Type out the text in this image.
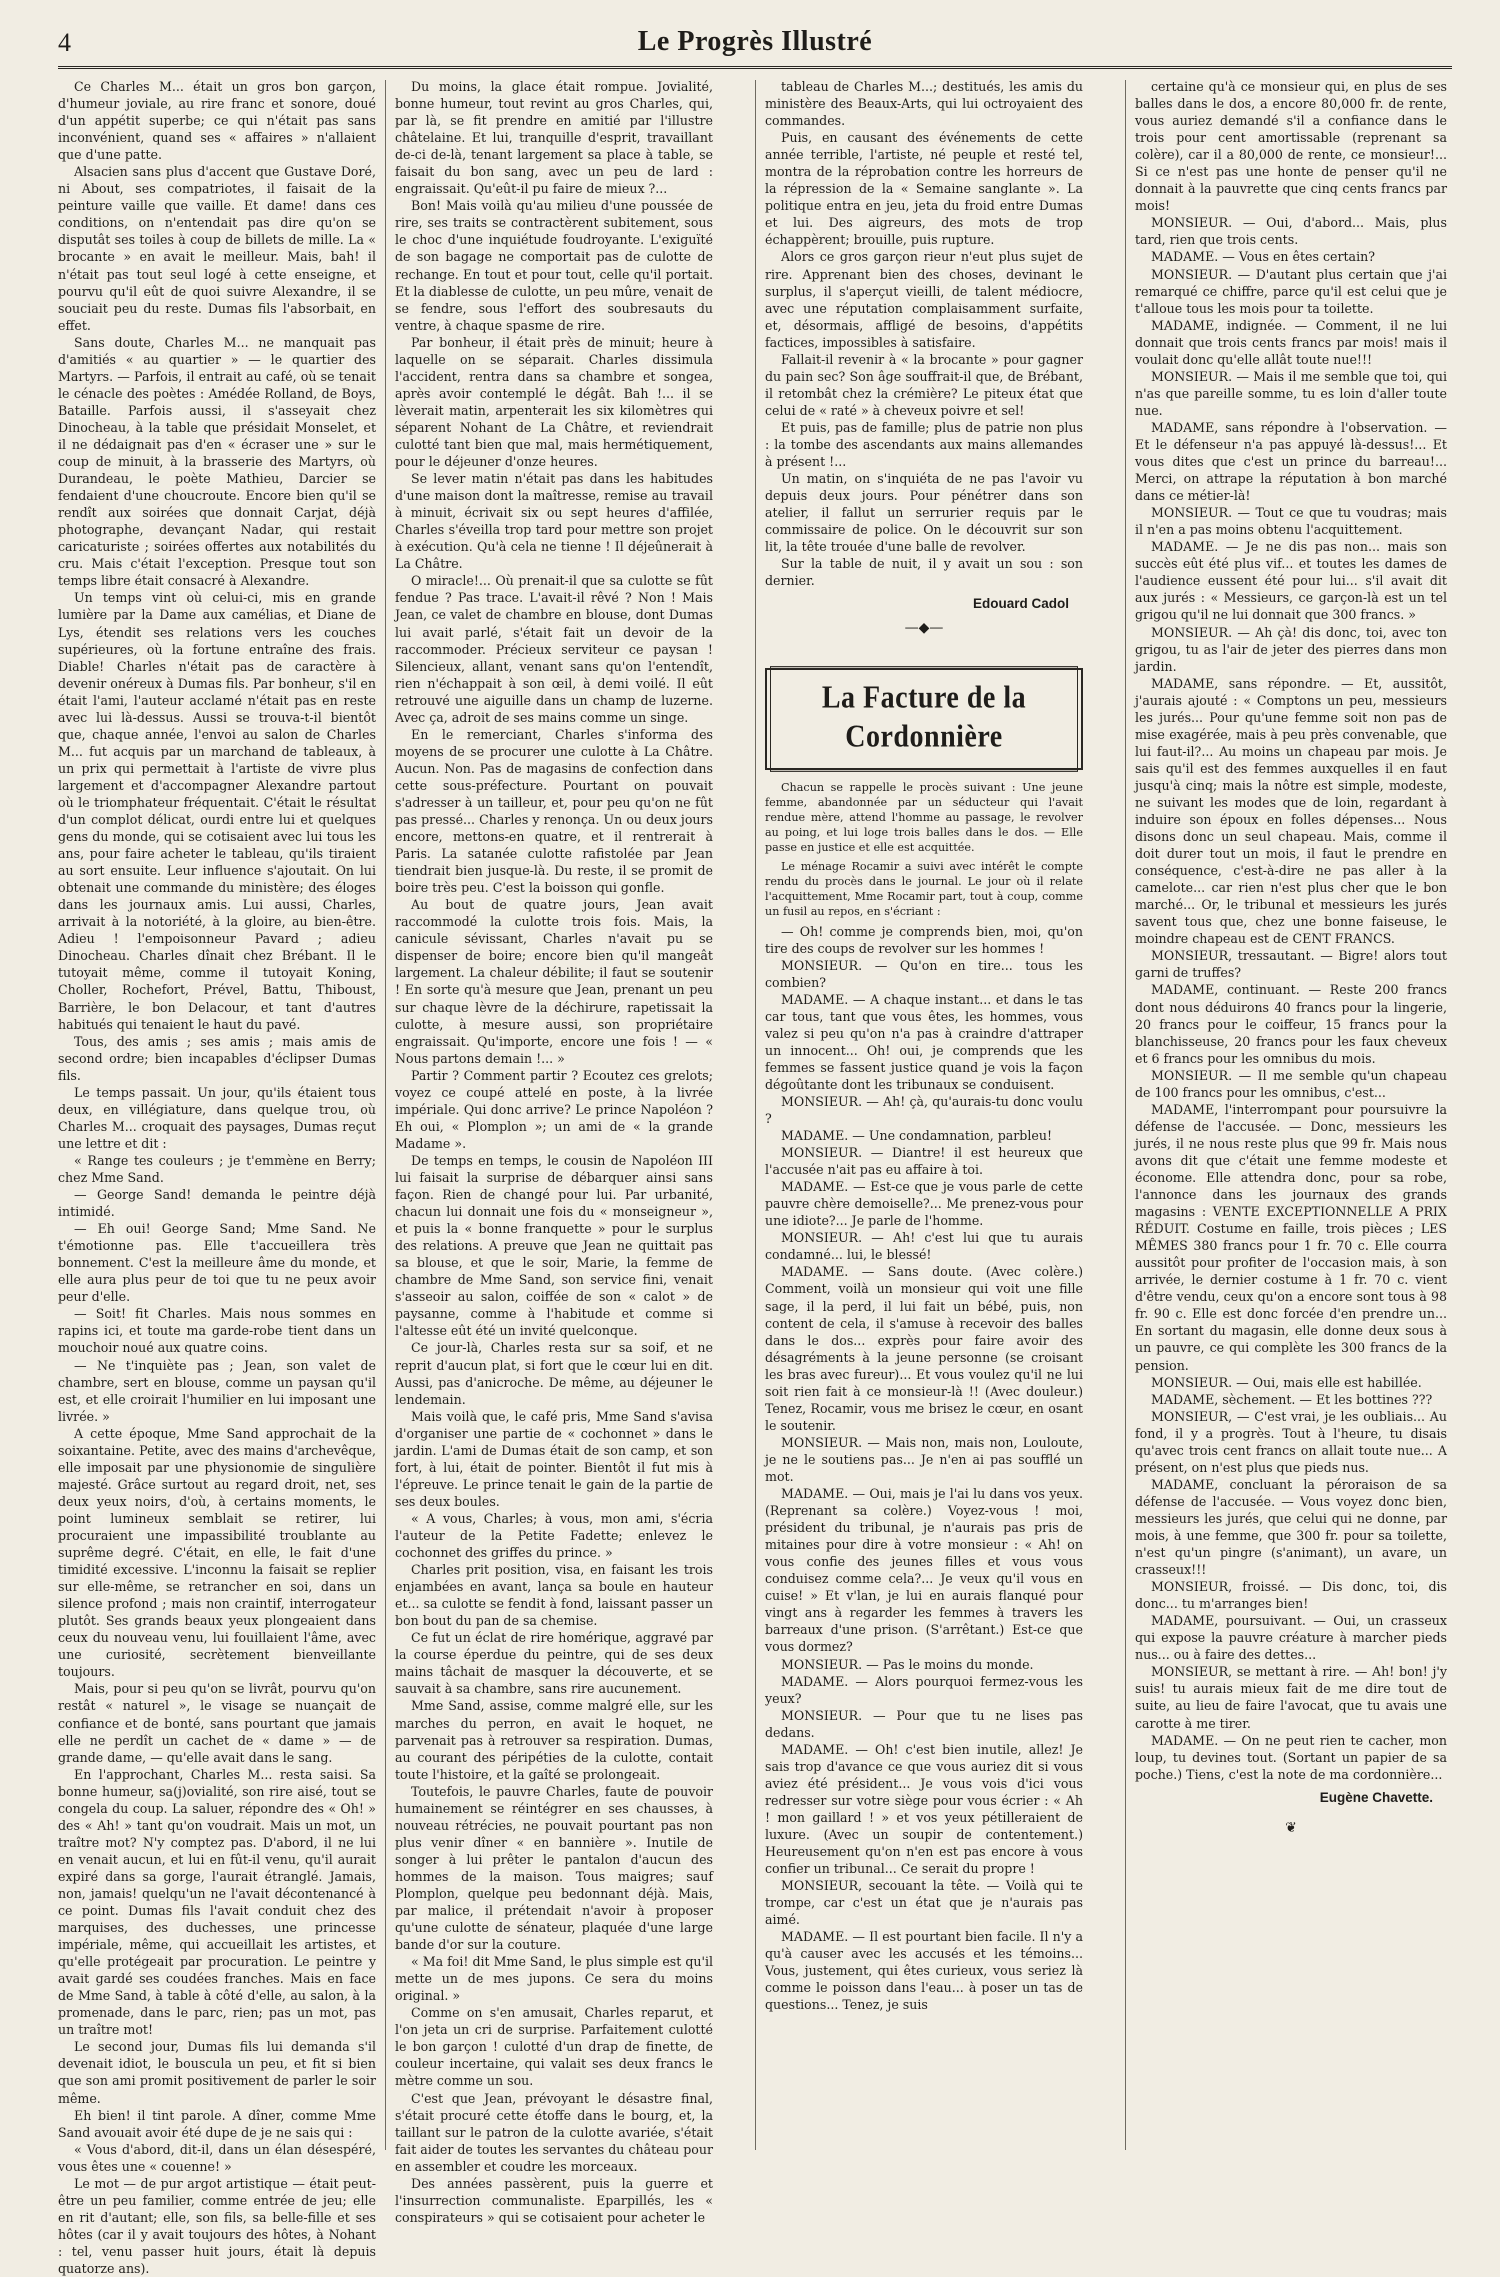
4	Le Progrès Illustré

Ce Charles M... était un gros bon garçon, d'humeur joviale, au rire franc et sonore, doué d'un appétit superbe; ce qui n'était pas sans inconvénient, quand ses « affaires » n'allaient que d'une patte.

Alsacien sans plus d'accent que Gustave Doré, ni About, ses compatriotes, il faisait de la peinture vaille que vaille. Et dame! dans ces conditions, on n'entendait pas dire qu'on se disputât ses toiles à coup de billets de mille. La « brocante » en avait le meilleur. Mais, bah! il n'était pas tout seul logé à cette enseigne, et pourvu qu'il eût de quoi suivre Alexandre, il se souciait peu du reste. Dumas fils l'absorbait, en effet.

Sans doute, Charles M... ne manquait pas d'amitiés « au quartier » — le quartier des Martyrs. — Parfois, il entrait au café, où se tenait le cénacle des poètes : Amédée Rolland, de Boys, Bataille. Parfois aussi, il s'asseyait chez Dinocheau, à la table que présidait Monselet, et il ne dédaignait pas d'en « écraser une » sur le coup de minuit, à la brasserie des Martyrs, où Durandeau, le poète Mathieu, Darcier se fendaient d'une choucroute. Encore bien qu'il se rendît aux soirées que donnait Carjat, déjà photographe, devançant Nadar, qui restait caricaturiste ; soirées offertes aux notabilités du cru. Mais c'était l'exception. Presque tout son temps libre était consacré à Alexandre.

Un temps vint où celui-ci, mis en grande lumière par la Dame aux camélias, et Diane de Lys, étendit ses relations vers les couches supérieures, où la fortune entraîne des frais. Diable! Charles n'était pas de caractère à devenir onéreux à Dumas fils. Par bonheur, s'il en était l'ami, l'auteur acclamé n'était pas en reste avec lui là-dessus. Aussi se trouva-t-il bientôt que, chaque année, l'envoi au salon de Charles M... fut acquis par un marchand de tableaux, à un prix qui permettait à l'artiste de vivre plus largement et d'accompagner Alexandre partout où le triomphateur fréquentait. C'était le résultat d'un complot délicat, ourdi entre lui et quelques gens du monde, qui se cotisaient avec lui tous les ans, pour faire acheter le tableau, qu'ils tiraient au sort ensuite. Leur influence s'ajoutait. On lui obtenait une commande du ministère; des éloges dans les journaux amis. Lui aussi, Charles, arrivait à la notoriété, à la gloire, au bien-être. Adieu ! l'empoisonneur Pavard ; adieu Dinocheau. Charles dînait chez Brébant. Il le tutoyait même, comme il tutoyait Koning, Choller, Rochefort, Prével, Battu, Thiboust, Barrière, le bon Delacour, et tant d'autres habitués qui tenaient le haut du pavé.

Tous, des amis ; ses amis ; mais amis de second ordre; bien incapables d'éclipser Dumas fils.

Le temps passait. Un jour, qu'ils étaient tous deux, en villégiature, dans quelque trou, où Charles M... croquait des paysages, Dumas reçut une lettre et dit :

« Range tes couleurs ; je t'emmène en Berry; chez Mme Sand.

— George Sand! demanda le peintre déjà intimidé.

— Eh oui! George Sand; Mme Sand. Ne t'émotionne pas. Elle t'accueillera très bonnement. C'est la meilleure âme du monde, et elle aura plus peur de toi que tu ne peux avoir peur d'elle.

— Soit! fit Charles. Mais nous sommes en rapins ici, et toute ma garde-robe tient dans un mouchoir noué aux quatre coins.

— Ne t'inquiète pas ; Jean, son valet de chambre, sert en blouse, comme un paysan qu'il est, et elle croirait l'humilier en lui imposant une livrée. »

A cette époque, Mme Sand approchait de la soixantaine. Petite, avec des mains d'archevêque, elle imposait par une physionomie de singulière majesté. Grâce surtout au regard droit, net, ses deux yeux noirs, d'où, à certains moments, le point lumineux semblait se retirer, lui procuraient une impassibilité troublante au suprême degré. C'était, en elle, le fait d'une timidité excessive. L'inconnu la faisait se replier sur elle-même, se retrancher en soi, dans un silence profond ; mais non craintif, interrogateur plutôt. Ses grands beaux yeux plongeaient dans ceux du nouveau venu, lui fouillaient l'âme, avec une curiosité, secrètement bienveillante toujours.

Mais, pour si peu qu'on se livrât, pourvu qu'on restât « naturel », le visage se nuançait de confiance et de bonté, sans pourtant que jamais elle ne perdît un cachet de « dame » — de grande dame, — qu'elle avait dans le sang.

En l'approchant, Charles M... resta saisi. Sa bonne humeur, sa(j)ovialité, son rire aisé, tout se congela du coup. La saluer, répondre des « Oh! » des « Ah! » tant qu'on voudrait. Mais un mot, un traître mot? N'y comptez pas. D'abord, il ne lui en venait aucun, et lui en fût-il venu, qu'il aurait expiré dans sa gorge, l'aurait étranglé. Jamais, non, jamais! quelqu'un ne l'avait décontenancé à ce point. Dumas fils l'avait conduit chez des marquises, des duchesses, une princesse impériale, même, qui accueillait les artistes, et qu'elle protégeait par procuration. Le peintre y avait gardé ses coudées franches. Mais en face de Mme Sand, à table à côté d'elle, au salon, à la promenade, dans le parc, rien; pas un mot, pas un traître mot!

Le second jour, Dumas fils lui demanda s'il devenait idiot, le bouscula un peu, et fit si bien que son ami promit positivement de parler le soir même.

Eh bien! il tint parole. A dîner, comme Mme Sand avouait avoir été dupe de je ne sais qui :

« Vous d'abord, dit-il, dans un élan désespéré, vous êtes une « couenne! »

Le mot — de pur argot artistique — était peut-être un peu familier, comme entrée de jeu; elle en rit d'autant; elle, son fils, sa belle-fille et ses hôtes (car il y avait toujours des hôtes, à Nohant : tel, venu passer huit jours, était là depuis quatorze ans).

Du moins, la glace était rompue. Jovialité, bonne humeur, tout revint au gros Charles, qui, par là, se fit prendre en amitié par l'illustre châtelaine. Et lui, tranquille d'esprit, travaillant de-ci de-là, tenant largement sa place à table, se faisait du bon sang, avec un peu de lard : engraissait. Qu'eût-il pu faire de mieux ?...

Bon! Mais voilà qu'au milieu d'une poussée de rire, ses traits se contractèrent subitement, sous le choc d'une inquiétude foudroyante. L'exiguïté de son bagage ne comportait pas de culotte de rechange. En tout et pour tout, celle qu'il portait. Et la diablesse de culotte, un peu mûre, venait de se fendre, sous l'effort des soubresauts du ventre, à chaque spasme de rire.

Par bonheur, il était près de minuit; heure à laquelle on se séparait. Charles dissimula l'accident, rentra dans sa chambre et songea, après avoir contemplé le dégât. Bah !... il se lèverait matin, arpenterait les six kilomètres qui séparent Nohant de La Châtre, et reviendrait culotté tant bien que mal, mais hermétiquement, pour le déjeuner d'onze heures.

Se lever matin n'était pas dans les habitudes d'une maison dont la maîtresse, remise au travail à minuit, écrivait six ou sept heures d'affilée, Charles s'éveilla trop tard pour mettre son projet à exécution. Qu'à cela ne tienne ! Il déjeûnerait à La Châtre.

O miracle!... Où prenait-il que sa culotte se fût fendue ? Pas trace. L'avait-il rêvé ? Non ! Mais Jean, ce valet de chambre en blouse, dont Dumas lui avait parlé, s'était fait un devoir de la raccommoder. Précieux serviteur ce paysan ! Silencieux, allant, venant sans qu'on l'entendît, rien n'échappait à son œil, à demi voilé. Il eût retrouvé une aiguille dans un champ de luzerne. Avec ça, adroit de ses mains comme un singe.

En le remerciant, Charles s'informa des moyens de se procurer une culotte à La Châtre. Aucun. Non. Pas de magasins de confection dans cette sous-préfecture. Pourtant on pouvait s'adresser à un tailleur, et, pour peu qu'on ne fût pas pressé... Charles y renonça. Un ou deux jours encore, mettons-en quatre, et il rentrerait à Paris. La satanée culotte rafistolée par Jean tiendrait bien jusque-là. Du reste, il se promit de boire très peu. C'est la boisson qui gonfle.

Au bout de quatre jours, Jean avait raccommodé la culotte trois fois. Mais, la canicule sévissant, Charles n'avait pu se dispenser de boire; encore bien qu'il mangeât largement. La chaleur débilite; il faut se soutenir ! En sorte qu'à mesure que Jean, prenant un peu sur chaque lèvre de la déchirure, rapetissait la culotte, à mesure aussi, son propriétaire engraissait. Qu'importe, encore une fois ! — « Nous partons demain !... »

Partir ? Comment partir ? Ecoutez ces grelots; voyez ce coupé attelé en poste, à la livrée impériale. Qui donc arrive? Le prince Napoléon ? Eh oui, « Plomplon »; un ami de « la grande Madame ».

De temps en temps, le cousin de Napoléon III lui faisait la surprise de débarquer ainsi sans façon. Rien de changé pour lui. Par urbanité, chacun lui donnait une fois du « monseigneur », et puis la « bonne franquette » pour le surplus des relations. A preuve que Jean ne quittait pas sa blouse, et que le soir, Marie, la femme de chambre de Mme Sand, son service fini, venait s'asseoir au salon, coiffée de son « calot » de paysanne, comme à l'habitude et comme si l'altesse eût été un invité quelconque.

Ce jour-là, Charles resta sur sa soif, et ne reprit d'aucun plat, si fort que le cœur lui en dit. Aussi, pas d'anicroche. De même, au déjeuner le lendemain.

Mais voilà que, le café pris, Mme Sand s'avisa d'organiser une partie de « cochonnet » dans le jardin. L'ami de Dumas était de son camp, et son fort, à lui, était de pointer. Bientôt il fut mis à l'épreuve. Le prince tenait le gain de la partie de ses deux boules.

« A vous, Charles; à vous, mon ami, s'écria l'auteur de la Petite Fadette; enlevez le cochonnet des griffes du prince. »

Charles prit position, visa, en faisant les trois enjambées en avant, lança sa boule en hauteur et... sa culotte se fendit à fond, laissant passer un bon bout du pan de sa chemise.

Ce fut un éclat de rire homérique, aggravé par la course éperdue du peintre, qui de ses deux mains tâchait de masquer la découverte, et se sauvait à sa chambre, sans rire aucunement.

Mme Sand, assise, comme malgré elle, sur les marches du perron, en avait le hoquet, ne parvenait pas à retrouver sa respiration. Dumas, au courant des péripéties de la culotte, contait toute l'histoire, et la gaîté se prolongeait.

Toutefois, le pauvre Charles, faute de pouvoir humainement se réintégrer en ses chausses, à nouveau rétrécies, ne pouvait pourtant pas non plus venir dîner « en bannière ». Inutile de songer à lui prêter le pantalon d'aucun des hommes de la maison. Tous maigres; sauf Plomplon, quelque peu bedonnant déjà. Mais, par malice, il prétendait n'avoir à proposer qu'une culotte de sénateur, plaquée d'une large bande d'or sur la couture.

« Ma foi! dit Mme Sand, le plus simple est qu'il mette un de mes jupons. Ce sera du moins original. »

Comme on s'en amusait, Charles reparut, et l'on jeta un cri de surprise. Parfaitement culotté le bon garçon ! culotté d'un drap de finette, de couleur incertaine, qui valait ses deux francs le mètre comme un sou.

C'est que Jean, prévoyant le désastre final, s'était procuré cette étoffe dans le bourg, et, la taillant sur le patron de la culotte avariée, s'était fait aider de toutes les servantes du château pour en assembler et coudre les morceaux.

Des années passèrent, puis la guerre et l'insurrection communaliste. Eparpillés, les « conspirateurs » qui se cotisaient pour acheter le

tableau de Charles M...; destitués, les amis du ministère des Beaux-Arts, qui lui octroyaient des commandes.

Puis, en causant des événements de cette année terrible, l'artiste, né peuple et resté tel, montra de la réprobation contre les horreurs de la répression de la « Semaine sanglante ». La politique entra en jeu, jeta du froid entre Dumas et lui. Des aigreurs, des mots de trop échappèrent; brouille, puis rupture.

Alors ce gros garçon rieur n'eut plus sujet de rire. Apprenant bien des choses, devinant le surplus, il s'aperçut vieilli, de talent médiocre, avec une réputation complaisamment surfaite, et, désormais, affligé de besoins, d'appétits factices, impossibles à satisfaire.

Fallait-il revenir à « la brocante » pour gagner du pain sec? Son âge souffrait-il que, de Brébant, il retombât chez la crémière? Le piteux état que celui de « raté » à cheveux poivre et sel!

Et puis, pas de famille; plus de patrie non plus : la tombe des ascendants aux mains allemandes à présent !...

Un matin, on s'inquiéta de ne pas l'avoir vu depuis deux jours. Pour pénétrer dans son atelier, il fallut un serrurier requis par le commissaire de police. On le découvrit sur son lit, la tête trouée d'une balle de revolver.

Sur la table de nuit, il y avait un sou : son dernier.

Edouard Cadol

—◆—
La Facture de la Cordonnière

Chacun se rappelle le procès suivant : Une jeune femme, abandonnée par un séducteur qui l'avait rendue mère, attend l'homme au passage, le revolver au poing, et lui loge trois balles dans le dos. — Elle passe en justice et elle est acquittée.

Le ménage Rocamir a suivi avec intérêt le compte rendu du procès dans le journal. Le jour où il relate l'acquittement, Mme Rocamir part, tout à coup, comme un fusil au repos, en s'écriant :

— Oh! comme je comprends bien, moi, qu'on tire des coups de revolver sur les hommes !

MONSIEUR. — Qu'on en tire... tous les combien?

MADAME. — A chaque instant... et dans le tas car tous, tant que vous êtes, les hommes, vous valez si peu qu'on n'a pas à craindre d'attraper un innocent... Oh! oui, je comprends que les femmes se fassent justice quand je vois la façon dégoûtante dont les tribunaux se conduisent.

MONSIEUR. — Ah! çà, qu'aurais-tu donc voulu ?

MADAME. — Une condamnation, parbleu!

MONSIEUR. — Diantre! il est heureux que l'accusée n'ait pas eu affaire à toi.

MADAME. — Est-ce que je vous parle de cette pauvre chère demoiselle?... Me prenez-vous pour une idiote?... Je parle de l'homme.

MONSIEUR. — Ah! c'est lui que tu aurais condamné... lui, le blessé!

MADAME. — Sans doute. (Avec colère.) Comment, voilà un monsieur qui voit une fille sage, il la perd, il lui fait un bébé, puis, non content de cela, il s'amuse à recevoir des balles dans le dos... exprès pour faire avoir des désagréments à la jeune personne (se croisant les bras avec fureur)... Et vous voulez qu'il ne lui soit rien fait à ce monsieur-là !! (Avec douleur.) Tenez, Rocamir, vous me brisez le cœur, en osant le soutenir.

MONSIEUR. — Mais non, mais non, Louloute, je ne le soutiens pas... Je n'en ai pas soufflé un mot.

MADAME. — Oui, mais je l'ai lu dans vos yeux. (Reprenant sa colère.) Voyez-vous ! moi, président du tribunal, je n'aurais pas pris de mitaines pour dire à votre monsieur : « Ah! on vous confie des jeunes filles et vous vous conduisez comme cela?... Je veux qu'il vous en cuise! » Et v'lan, je lui en aurais flanqué pour vingt ans à regarder les femmes à travers les barreaux d'une prison. (S'arrêtant.) Est-ce que vous dormez?

MONSIEUR. — Pas le moins du monde.

MADAME. — Alors pourquoi fermez-vous les yeux?

MONSIEUR. — Pour que tu ne lises pas dedans.

MADAME. — Oh! c'est bien inutile, allez! Je sais trop d'avance ce que vous auriez dit si vous aviez été président... Je vous vois d'ici vous redresser sur votre siège pour vous écrier : « Ah ! mon gaillard ! » et vos yeux pétilleraient de luxure. (Avec un soupir de contentement.) Heureusement qu'on n'en est pas encore à vous confier un tribunal... Ce serait du propre !

MONSIEUR, secouant la tête. — Voilà qui te trompe, car c'est un état que je n'aurais pas aimé.

MADAME. — Il est pourtant bien facile. Il n'y a qu'à causer avec les accusés et les témoins... Vous, justement, qui êtes curieux, vous seriez là comme le poisson dans l'eau... à poser un tas de questions... Tenez, je suis

certaine qu'à ce monsieur qui, en plus de ses balles dans le dos, a encore 80,000 fr. de rente, vous auriez demandé s'il a confiance dans le trois pour cent amortissable (reprenant sa colère), car il a 80,000 de rente, ce monsieur!... Si ce n'est pas une honte de penser qu'il ne donnait à la pauvrette que cinq cents francs par mois!

MONSIEUR. — Oui, d'abord... Mais, plus tard, rien que trois cents.

MADAME. — Vous en êtes certain?

MONSIEUR. — D'autant plus certain que j'ai remarqué ce chiffre, parce qu'il est celui que je t'alloue tous les mois pour ta toilette.

MADAME, indignée. — Comment, il ne lui donnait que trois cents francs par mois! mais il voulait donc qu'elle allât toute nue!!!

MONSIEUR. — Mais il me semble que toi, qui n'as que pareille somme, tu es loin d'aller toute nue.

MADAME, sans répondre à l'observation. — Et le défenseur n'a pas appuyé là-dessus!... Et vous dites que c'est un prince du barreau!... Merci, on attrape la réputation à bon marché dans ce métier-là!

MONSIEUR. — Tout ce que tu voudras; mais il n'en a pas moins obtenu l'acquittement.

MADAME. — Je ne dis pas non... mais son succès eût été plus vif... et toutes les dames de l'audience eussent été pour lui... s'il avait dit aux jurés : « Messieurs, ce garçon-là est un tel grigou qu'il ne lui donnait que 300 francs. »

MONSIEUR. — Ah çà! dis donc, toi, avec ton grigou, tu as l'air de jeter des pierres dans mon jardin.

MADAME, sans répondre. — Et, aussitôt, j'aurais ajouté : « Comptons un peu, messieurs les jurés... Pour qu'une femme soit non pas de mise exagérée, mais à peu près convenable, que lui faut-il?... Au moins un chapeau par mois. Je sais qu'il est des femmes auxquelles il en faut jusqu'à cinq; mais la nôtre est simple, modeste, ne suivant les modes que de loin, regardant à induire son époux en folles dépenses... Nous disons donc un seul chapeau. Mais, comme il doit durer tout un mois, il faut le prendre en conséquence, c'est-à-dire ne pas aller à la camelote... car rien n'est plus cher que le bon marché... Or, le tribunal et messieurs les jurés savent tous que, chez une bonne faiseuse, le moindre chapeau est de CENT FRANCS.

MONSIEUR, tressautant. — Bigre! alors tout garni de truffes?

MADAME, continuant. — Reste 200 francs dont nous déduirons 40 francs pour la lingerie, 20 francs pour le coiffeur, 15 francs pour la blanchisseuse, 20 francs pour les faux cheveux et 6 francs pour les omnibus du mois.

MONSIEUR. — Il me semble qu'un chapeau de 100 francs pour les omnibus, c'est...

MADAME, l'interrompant pour poursuivre la défense de l'accusée. — Donc, messieurs les jurés, il ne nous reste plus que 99 fr. Mais nous avons dit que c'était une femme modeste et économe. Elle attendra donc, pour sa robe, l'annonce dans les journaux des grands magasins : VENTE EXCEPTIONNELLE A PRIX RÉDUIT. Costume en faille, trois pièces ; LES MÊMES 380 francs pour 1 fr. 70 c. Elle courra aussitôt pour profiter de l'occasion mais, à son arrivée, le dernier costume à 1 fr. 70 c. vient d'être vendu, ceux qu'on a encore sont tous à 98 fr. 90 c. Elle est donc forcée d'en prendre un... En sortant du magasin, elle donne deux sous à un pauvre, ce qui complète les 300 francs de la pension.

MONSIEUR. — Oui, mais elle est habillée.

MADAME, sèchement. — Et les bottines ???

MONSIEUR, — C'est vrai, je les oubliais... Au fond, il y a progrès. Tout à l'heure, tu disais qu'avec trois cent francs on allait toute nue... A présent, on n'est plus que pieds nus.

MADAME, concluant la péroraison de sa défense de l'accusée. — Vous voyez donc bien, messieurs les jurés, que celui qui ne donne, par mois, à une femme, que 300 fr. pour sa toilette, n'est qu'un pingre (s'animant), un avare, un crasseux!!!

MONSIEUR, froissé. — Dis donc, toi, dis donc... tu m'arranges bien!

MADAME, poursuivant. — Oui, un crasseux qui expose la pauvre créature à marcher pieds nus... ou à faire des dettes...

MONSIEUR, se mettant à rire. — Ah! bon! j'y suis! tu aurais mieux fait de me dire tout de suite, au lieu de faire l'avocat, que tu avais une carotte à me tirer.

MADAME. — On ne peut rien te cacher, mon loup, tu devines tout. (Sortant un papier de sa poche.) Tiens, c'est la note de ma cordonnière...

Eugène Chavette.

❦
